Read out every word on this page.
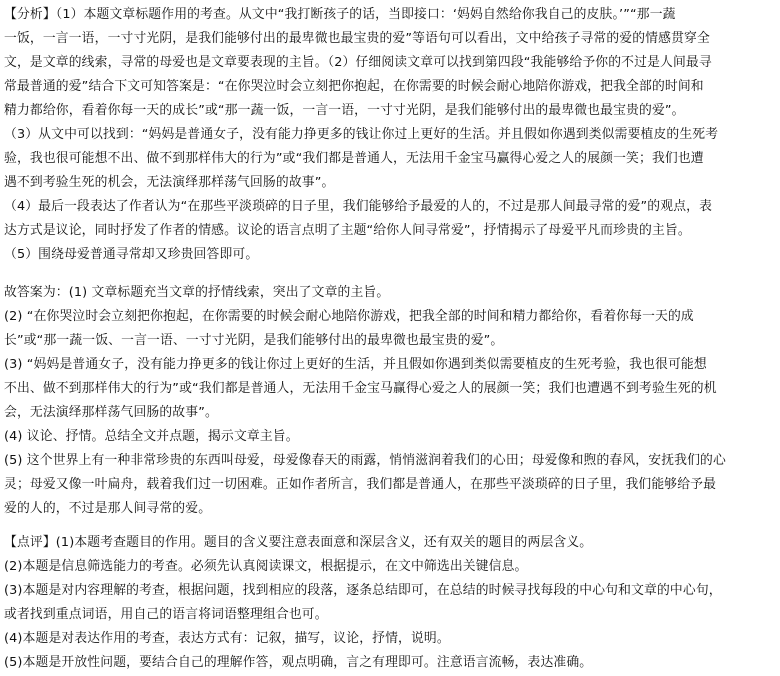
【分析】（1）本题文章标题作用的考查。从文中“我打断孩子的话，当即接口：‘妈妈自然给你我自己的皮肤。’”“那一蔬
一饭，一言一语，一寸寸光阴，是我们能够付出的最卑微也最宝贵的爱”等语句可以看出，文中给孩子寻常的爱的情感贯穿全
文，是文章的线索，寻常的母爱也是文章要表现的主旨。（2）仔细阅读文章可以找到第四段“我能够给予你的不过是人间最寻
常最普通的爱”结合下文可知答案是：“在你哭泣时会立刻把你抱起，在你需要的时候会耐心地陪你游戏，把我全部的时间和
精力都给你，看着你每一天的成长”或“那一蔬一饭，一言一语，一寸寸光阴，是我们能够付出的最卑微也最宝贵的爱”。
（3）从文中可以找到：“妈妈是普通女子，没有能力挣更多的钱让你过上更好的生活。并且假如你遇到类似需要植皮的生死考
验，我也很可能想不出、做不到那样伟大的行为”或“我们都是普通人，无法用千金宝马赢得心爱之人的展颜一笑；我们也遭
遇不到考验生死的机会，无法演绎那样荡气回肠的故事”。
（4）最后一段表达了作者认为“在那些平淡琐碎的日子里，我们能够给予最爱的人的，不过是那人间最寻常的爱”的观点，表
达方式是议论，同时抒发了作者的情感。议论的语言点明了主题“给你人间寻常爱”，抒情揭示了母爱平凡而珍贵的主旨。
（5）围绕母爱普通寻常却又珍贵回答即可。
故答案为：(1) 文章标题充当文章的抒情线索，突出了文章的主旨。
(2) “在你哭泣时会立刻把你抱起，在你需要的时候会耐心地陪你游戏，把我全部的时间和精力都给你，看着你每一天的成
长”或“那一蔬一饭、一言一语、一寸寸光阴，是我们能够付出的最卑微也最宝贵的爱”。
(3) “妈妈是普通女子，没有能力挣更多的钱让你过上更好的生活，并且假如你遇到类似需要植皮的生死考验，我也很可能想
不出、做不到那样伟大的行为”或“我们都是普通人，无法用千金宝马赢得心爱之人的展颜一笑；我们也遭遇不到考验生死的机
会，无法演绎那样荡气回肠的故事”。
(4) 议论、抒情。总结全文并点题，揭示文章主旨。
(5) 这个世界上有一种非常珍贵的东西叫母爱，母爱像春天的雨露，悄悄滋润着我们的心田；母爱像和煦的春风，安抚我们的心
灵；母爱又像一叶扁舟，载着我们过一切困难。正如作者所言，我们都是普通人，在那些平淡琐碎的日子里，我们能够给予最
爱的人的，不过是那人间寻常的爱。
【点评】(1)本题考查题目的作用。题目的含义要注意表面意和深层含义，还有双关的题目的两层含义。
(2)本题是信息筛选能力的考查。必须先认真阅读课文，根据提示，在文中筛选出关键信息。
(3)本题是对内容理解的考查，根据问题，找到相应的段落，逐条总结即可，在总结的时候寻找每段的中心句和文章的中心句，
或者找到重点词语，用自己的语言将词语整理组合也可。
(4)本题是对表达作用的考查，表达方式有：记叙，描写，议论，抒情，说明。
(5)本题是开放性问题，要结合自己的理解作答，观点明确，言之有理即可。注意语言流畅，表达准确。
